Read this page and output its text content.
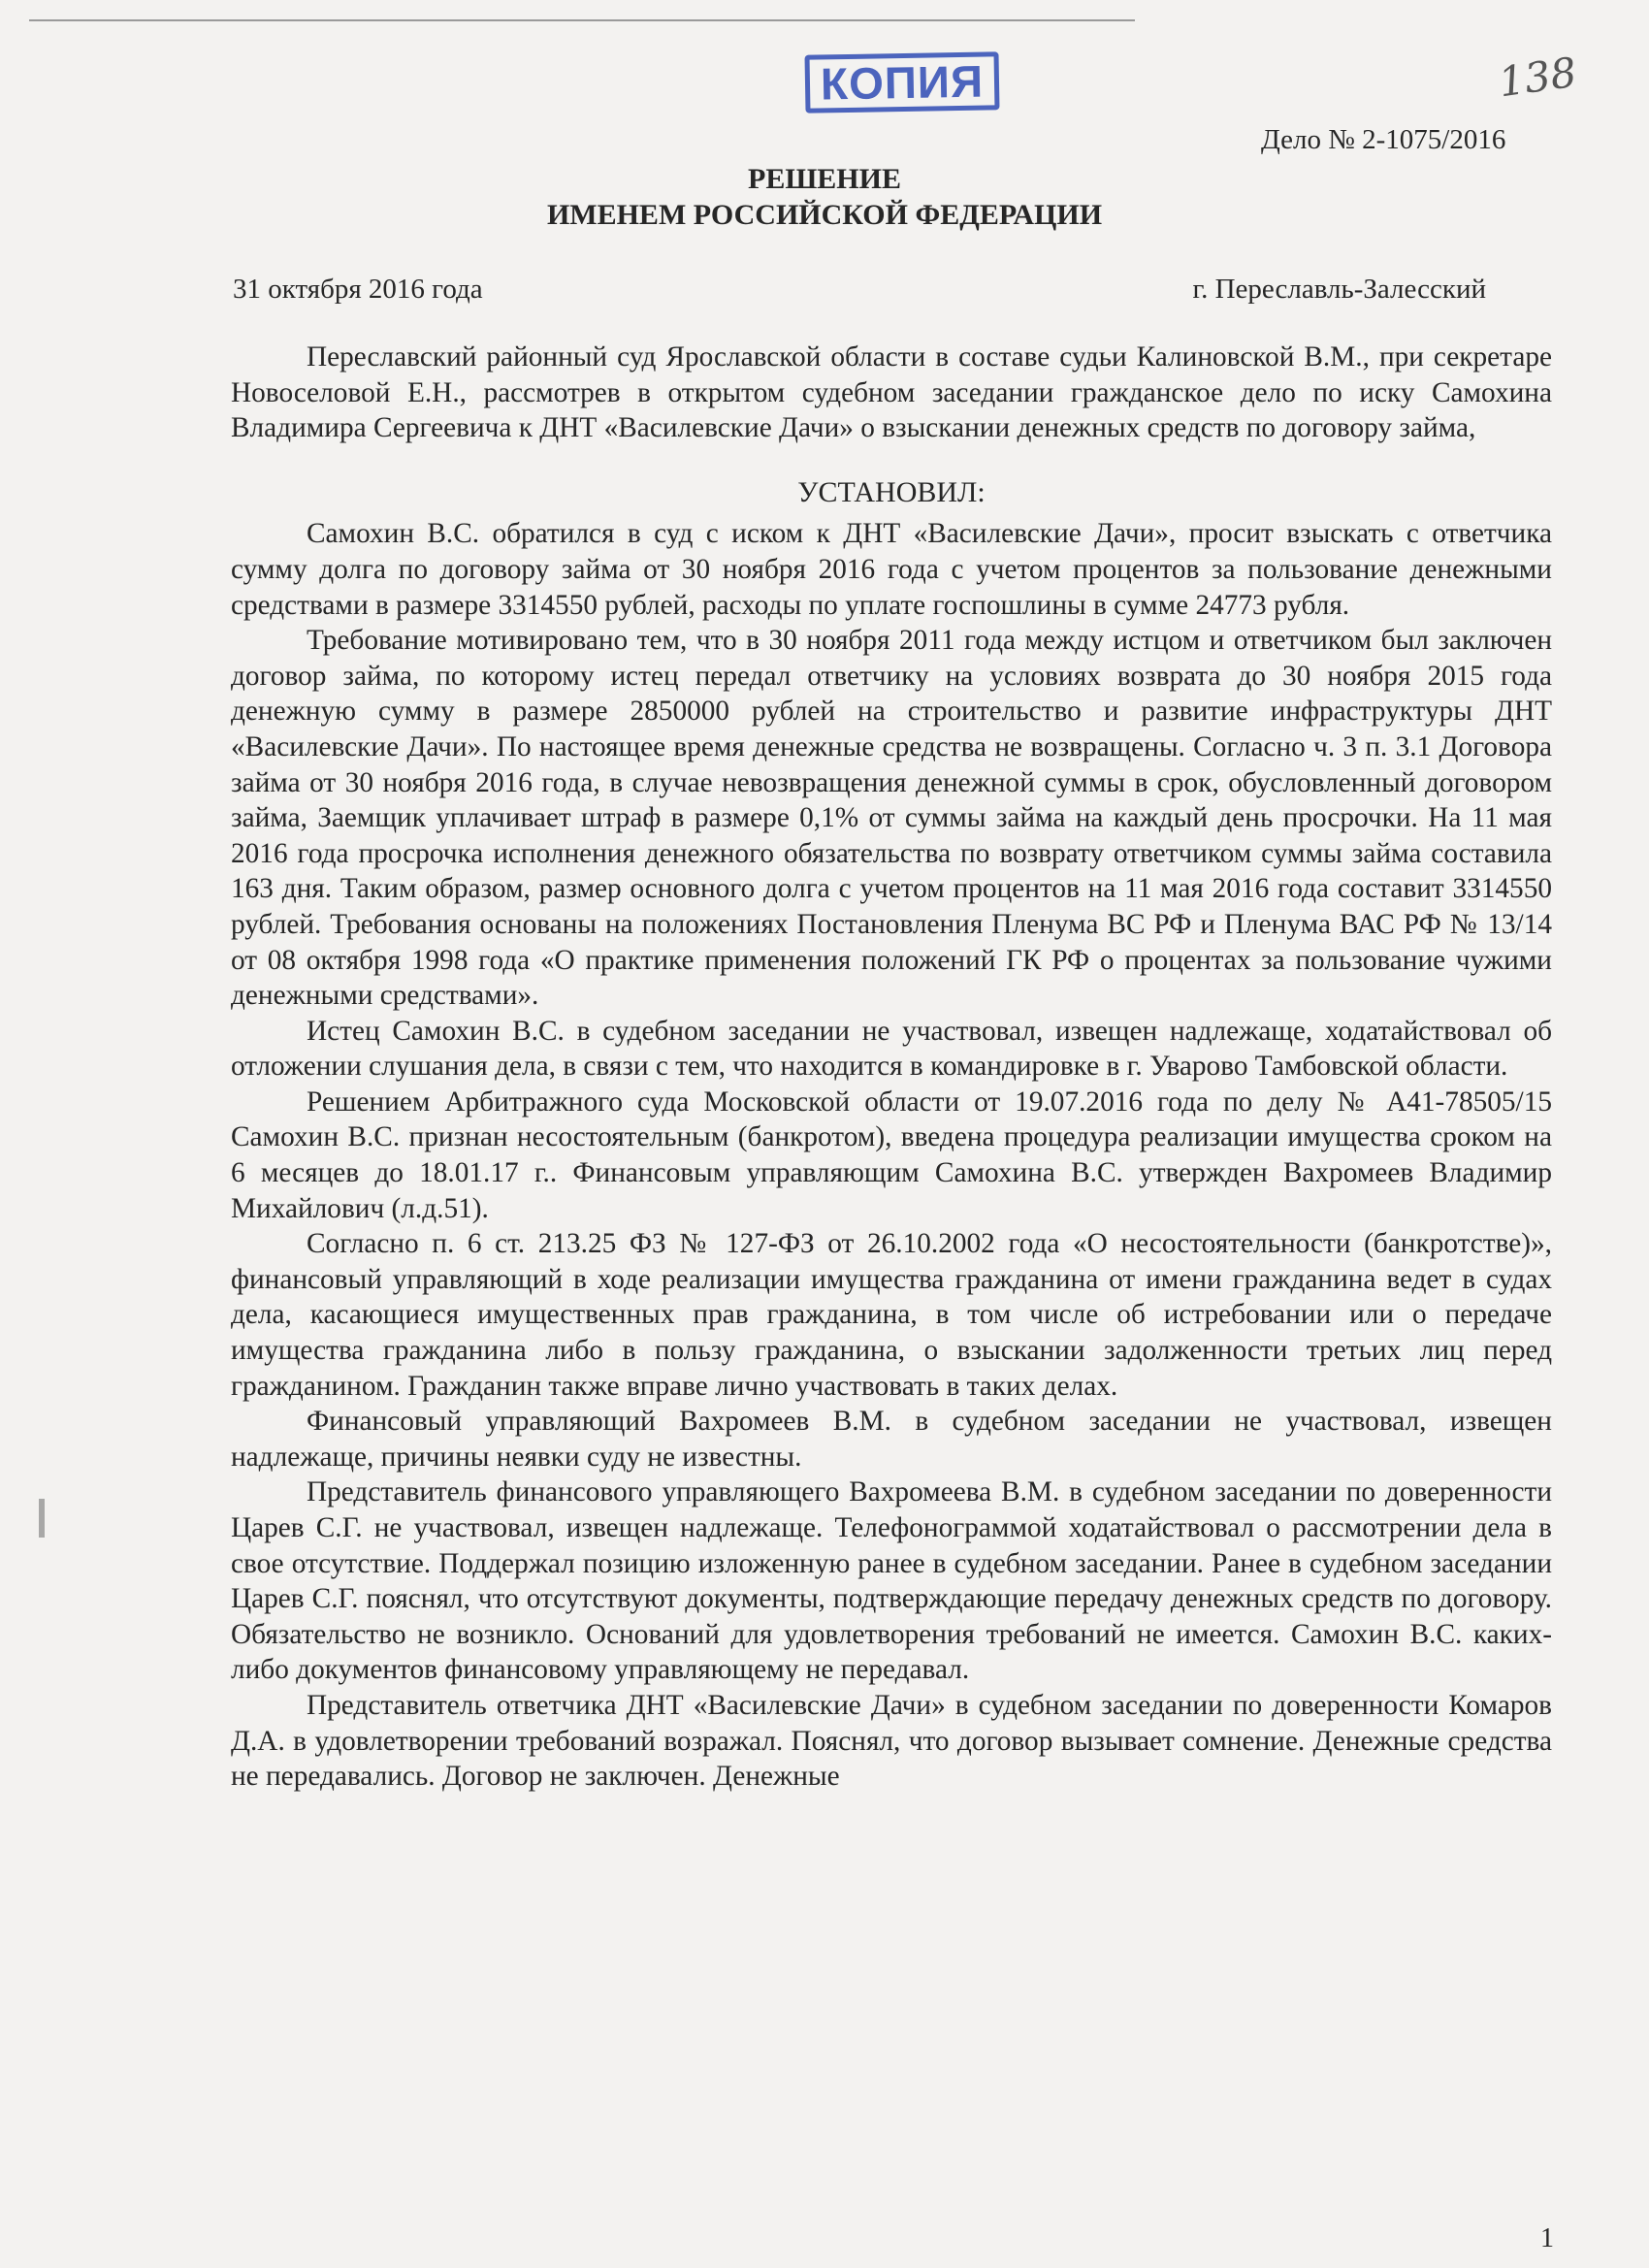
КОПИЯ	138
Дело № 2-1075/2016
РЕШЕНИЕ
ИМЕНЕМ РОССИЙСКОЙ ФЕДЕРАЦИИ
31 октября 2016 года	г. Переславль-Залесский

Переславский районный суд Ярославской области в составе судьи Калиновской В.М., при секретаре Новоселовой Е.Н., рассмотрев в открытом судебном заседании гражданское дело по иску Самохина Владимира Сергеевича к ДНТ «Василевские Дачи» о взыскании денежных средств по договору займа,

УСТАНОВИЛ:

Самохин В.С. обратился в суд с иском к ДНТ «Василевские Дачи», просит взыскать с ответчика сумму долга по договору займа от 30 ноября 2016 года с учетом процентов за пользование денежными средствами в размере 3314550 рублей, расходы по уплате госпошлины в сумме 24773 рубля.

Требование мотивировано тем, что в 30 ноября 2011 года между истцом и ответчиком был заключен договор займа, по которому истец передал ответчику на условиях возврата до 30 ноября 2015 года денежную сумму в размере 2850000 рублей на строительство и развитие инфраструктуры ДНТ «Василевские Дачи». По настоящее время денежные средства не возвращены. Согласно ч. 3 п. 3.1 Договора займа от 30 ноября 2016 года, в случае невозвращения денежной суммы в срок, обусловленный договором займа, Заемщик уплачивает штраф в размере 0,1% от суммы займа на каждый день просрочки. На 11 мая 2016 года просрочка исполнения денежного обязательства по возврату ответчиком суммы займа составила 163 дня. Таким образом, размер основного долга с учетом процентов на 11 мая 2016 года составит 3314550 рублей. Требования основаны на положениях Постановления Пленума ВС РФ и Пленума ВАС РФ № 13/14 от 08 октября 1998 года «О практике применения положений ГК РФ о процентах за пользование чужими денежными средствами».

Истец Самохин В.С. в судебном заседании не участвовал, извещен надлежаще, ходатайствовал об отложении слушания дела, в связи с тем, что находится в командировке в г. Уварово Тамбовской области.

Решением Арбитражного суда Московской области от 19.07.2016 года по делу № А41-78505/15 Самохин В.С. признан несостоятельным (банкротом), введена процедура реализации имущества сроком на 6 месяцев до 18.01.17 г.. Финансовым управляющим Самохина В.С. утвержден Вахромеев Владимир Михайлович (л.д.51).

Согласно п. 6 ст. 213.25 ФЗ № 127-ФЗ от 26.10.2002 года «О несостоятельности (банкротстве)», финансовый управляющий в ходе реализации имущества гражданина от имени гражданина ведет в судах дела, касающиеся имущественных прав гражданина, в том числе об истребовании или о передаче имущества гражданина либо в пользу гражданина, о взыскании задолженности третьих лиц перед гражданином. Гражданин также вправе лично участвовать в таких делах.

Финансовый управляющий Вахромеев В.М. в судебном заседании не участвовал, извещен надлежаще, причины неявки суду не известны.

Представитель финансового управляющего Вахромеева В.М. в судебном заседании по доверенности Царев С.Г. не участвовал, извещен надлежаще. Телефонограммой ходатайствовал о рассмотрении дела в свое отсутствие. Поддержал позицию изложенную ранее в судебном заседании. Ранее в судебном заседании Царев С.Г. пояснял, что отсутствуют документы, подтверждающие передачу денежных средств по договору. Обязательство не возникло. Оснований для удовлетворения требований не имеется. Самохин В.С. каких-либо документов финансовому управляющему не передавал.

Представитель ответчика ДНТ «Василевские Дачи» в судебном заседании по доверенности Комаров Д.А. в удовлетворении требований возражал. Пояснял, что договор вызывает сомнение. Денежные средства не передавались. Договор не заключен. Денежные

1
